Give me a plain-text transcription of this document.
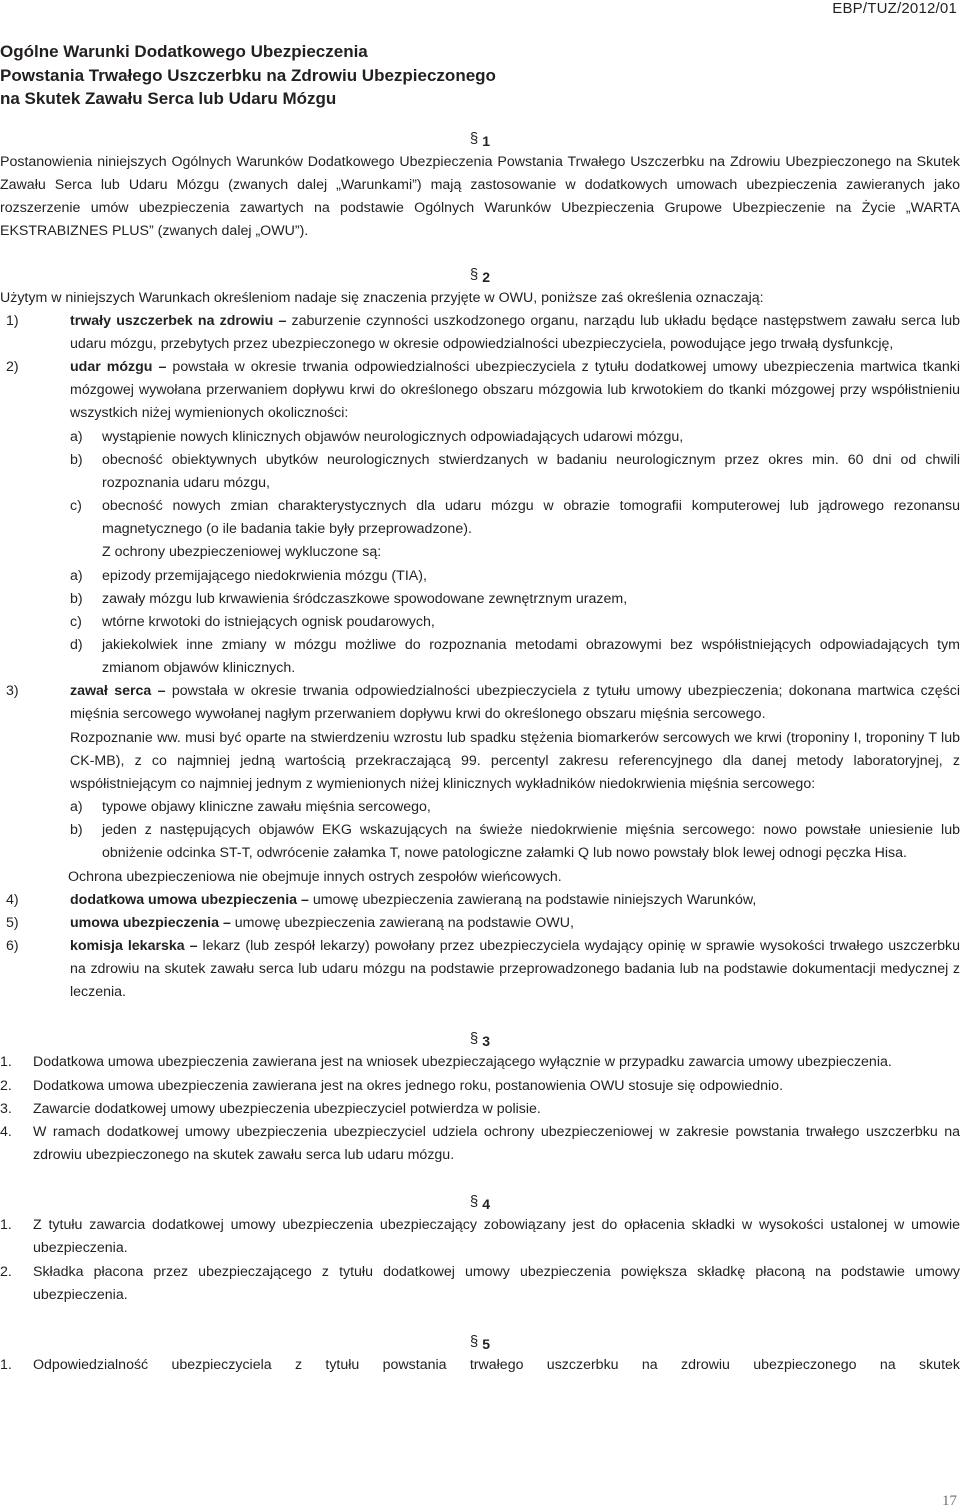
EBP/TUZ/2012/01
Ogólne Warunki Dodatkowego Ubezpieczenia
Powstania Trwałego Uszczerbku na Zdrowiu Ubezpieczonego
na Skutek Zawału Serca lub Udaru Mózgu
§ 1
Postanowienia niniejszych Ogólnych Warunków Dodatkowego Ubezpieczenia Powstania Trwałego Uszczerbku na Zdrowiu Ubezpieczonego na Skutek Zawału Serca lub Udaru Mózgu (zwanych dalej „Warunkami”) mają zastosowanie w dodatkowych umowach ubezpieczenia zawieranych jako rozszerzenie umów ubezpieczenia zawartych na podstawie Ogólnych Warunków Ubezpieczenia Grupowe Ubezpieczenie na Życie „WARTA EKSTRABIZNES PLUS” (zwanych dalej „OWU”).
§ 2
Użytym w niniejszych Warunkach określeniom nadaje się znaczenia przyjęte w OWU, poniższe zaś określenia oznaczają:
1)	trwały uszczerbek na zdrowiu – zaburzenie czynności uszkodzonego organu, narządu lub układu będące następstwem zawału serca lub udaru mózgu, przebytych przez ubezpieczonego w okresie odpowiedzialności ubezpieczyciela, powodujące jego trwałą dysfunkcję,
2)	udar mózgu – powstała w okresie trwania odpowiedzialności ubezpieczyciela z tytułu dodatkowej umowy ubezpieczenia martwica tkanki mózgowej wywołana przerwaniem dopływu krwi do określonego obszaru mózgowia lub krwotokiem do tkanki mózgowej przy współistnieniu wszystkich niżej wymienionych okoliczności:
a) wystąpienie nowych klinicznych objawów neurologicznych odpowiadających udarowi mózgu,
b) obecność obiektywnych ubytków neurologicznych stwierdzanych w badaniu neurologicznym przez okres min. 60 dni od chwili rozpoznania udaru mózgu,
c) obecność nowych zmian charakterystycznych dla udaru mózgu w obrazie tomografii komputerowej lub jądrowego rezonansu magnetycznego (o ile badania takie były przeprowadzone).
Z ochrony ubezpieczeniowej wykluczone są:
a) epizody przemijającego niedokrwienia mózgu (TIA),
b) zawały mózgu lub krwawienia śródczaszkowe spowodowane zewnętrznym urazem,
c) wtórne krwotoki do istniejących ognisk poudarowych,
d) jakiekolwiek inne zmiany w mózgu możliwe do rozpoznania metodami obrazowymi bez współistniejących odpowiadających tym zmianom objawów klinicznych.
3)	zawał serca – powstała w okresie trwania odpowiedzialności ubezpieczyciela z tytułu umowy ubezpieczenia; dokonana martwica części mięśnia sercowego wywołanej nagłym przerwaniem dopływu krwi do określonego obszaru mięśnia sercowego.
Rozpoznanie ww. musi być oparte na stwierdzeniu wzrostu lub spadku stężenia biomarkerów sercowych we krwi (troponiny I, troponiny T lub CK-MB), z co najmniej jedną wartością przekraczającą 99. percentyl zakresu referencyjnego dla danej metody laboratoryjnej, z współistniejącym co najmniej jednym z wymienionych niżej klinicznych wykładników niedokrwienia mięśnia sercowego:
a) typowe objawy kliniczne zawału mięśnia sercowego,
b) jeden z następujących objawów EKG wskazujących na świeże niedokrwienie mięśnia sercowego: nowo powstałe uniesienie lub obniżenie odcinka ST-T, odwrócenie załamka T, nowe patologiczne załamki Q lub nowo powstały blok lewej odnogi pęczka Hisa.
Ochrona ubezpieczeniowa nie obejmuje innych ostrych zespołów wieńcowych.
4)	dodatkowa umowa ubezpieczenia – umowę ubezpieczenia zawieraną na podstawie niniejszych Warunków,
5)	umowa ubezpieczenia – umowę ubezpieczenia zawieraną na podstawie OWU,
6)	komisja lekarska – lekarz (lub zespół lekarzy) powołany przez ubezpieczyciela wydający opinię w sprawie wysokości trwałego uszczerbku na zdrowiu na skutek zawału serca lub udaru mózgu na podstawie przeprowadzonego badania lub na podstawie dokumentacji medycznej z leczenia.
§ 3
1. Dodatkowa umowa ubezpieczenia zawierana jest na wniosek ubezpieczającego wyłącznie w przypadku zawarcia umowy ubezpieczenia.
2. Dodatkowa umowa ubezpieczenia zawierana jest na okres jednego roku, postanowienia OWU stosuje się odpowiednio.
3. Zawarcie dodatkowej umowy ubezpieczenia ubezpieczyciel potwierdza w polisie.
4. W ramach dodatkowej umowy ubezpieczenia ubezpieczyciel udziela ochrony ubezpieczeniowej w zakresie powstania trwałego uszczerbku na zdrowiu ubezpieczonego na skutek zawału serca lub udaru mózgu.
§ 4
1. Z tytułu zawarcia dodatkowej umowy ubezpieczenia ubezpieczający zobowiązany jest do opłacenia składki w wysokości ustalonej w umowie ubezpieczenia.
2. Składka płacona przez ubezpieczającego z tytułu dodatkowej umowy ubezpieczenia powiększa składkę płaconą na podstawie umowy ubezpieczenia.
§ 5
1. Odpowiedzialność ubezpieczyciela z tytułu powstania trwałego uszczerbku na zdrowiu ubezpieczonego na skutek
17
